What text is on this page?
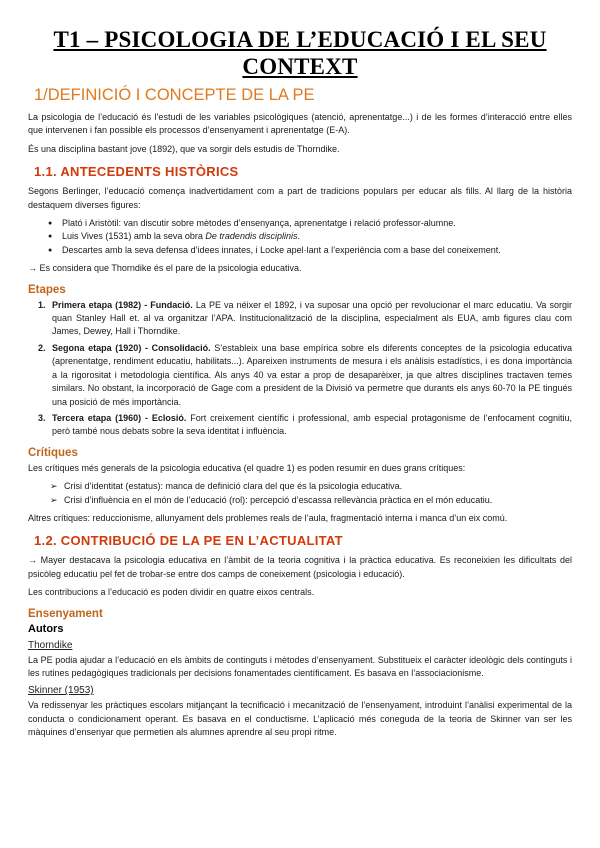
T1 – PSICOLOGIA DE L’EDUCACIÓ I EL SEU CONTEXT
1/DEFINICIÓ I CONCEPTE DE LA PE

La psicologia de l’educació és l’estudi de les variables psicològiques (atenció, aprenentatge...) i de les formes d’interacció entre elles que intervenen i fan possible els processos d’ensenyament i aprenentatge (E-A).

És una disciplina bastant jove (1892), que va sorgir dels estudis de Thorndike.

1.1. ANTECEDENTS HISTÒRICS

Segons Berlinger, l’educació comença inadvertidament com a part de tradicions populars per educar als fills. Al llarg de la història destaquem diverses figures:

● Plató i Aristòtil: van discutir sobre mètodes d’ensenyança, aprenentatge i relació professor-alumne.
● Luis Vives (1531) amb la seva obra De tradendis disciplinis.
● Descartes amb la seva defensa d’idees innates, i Locke apel·lant a l’experiència com a base del coneixement.

→ Es considera que Thorndike és el pare de la psicologia educativa.

Etapes
1. Primera etapa (1982) - Fundació. La PE va néixer el 1892, i va suposar una opció per revolucionar el marc educatiu. Va sorgir quan Stanley Hall et. al va organitzar l’APA. Institucionalització de la disciplina, especialment als EUA, amb figures clau com James, Dewey, Hall i Thorndike.
2. Segona etapa (1920) - Consolidació. S’estableix una base empírica sobre els diferents conceptes de la psicologia educativa (aprenentatge, rendiment educatiu, habilitats...). Apareixen instruments de mesura i els anàlisis estadístics, i es dona importància a la rigorositat i metodologia científica. Als anys 40 va estar a prop de desaparèixer, ja que altres disciplines tractaven temes similars. No obstant, la incorporació de Gage com a president de la Divisió va permetre que durants els anys 60-70 la PE tingués una posició de més importància.
3. Tercera etapa (1960) - Eclosió. Fort creixement científic i professional, amb especial protagonisme de l’enfocament cognitiu, però també nous debats sobre la seva identitat i influència.
Crítiques

Les crítiques més generals de la psicologia educativa (el quadre 1) es poden resumir en dues grans crítiques:

➢ Crisi d’identitat (estatus): manca de definició clara del que és la psicologia educativa.
➢ Crisi d’influència en el món de l’educació (rol): percepció d’escassa rellevància pràctica en el món educatiu.

Altres crítiques: reduccionisme, allunyament dels problemes reals de l’aula, fragmentació interna i manca d’un eix comú.

1.2. CONTRIBUCIÓ DE LA PE EN L’ACTUALITAT

→ Mayer destacava la psicologia educativa en l’àmbit de la teoria cognitiva i la pràctica educativa. Es reconeixien les dificultats del psicòleg educatiu pel fet de trobar-se entre dos camps de coneixement (psicologia i educació).

Les contribucions a l’educació es poden dividir en quatre eixos centrals.

Ensenyament
Autors
Thorndike

La PE podia ajudar a l’educació en els àmbits de continguts i mètodes d’ensenyament. Substitueix el caràcter ideològic dels continguts i les rutines pedagògiques tradicionals per decisions fonamentades científicament. Es basava en l’associacionisme.

Skinner (1953)

Va redissenyar les pràctiques escolars mitjançant la tecnificació i mecanització de l’ensenyament, introduint l’anàlisi experimental de la conducta o condicionament operant. Es basava en el conductisme. L’aplicació més coneguda de la teoria de Skinner van ser les màquines d’ensenyar que permetien als alumnes aprendre al seu propi ritme.
